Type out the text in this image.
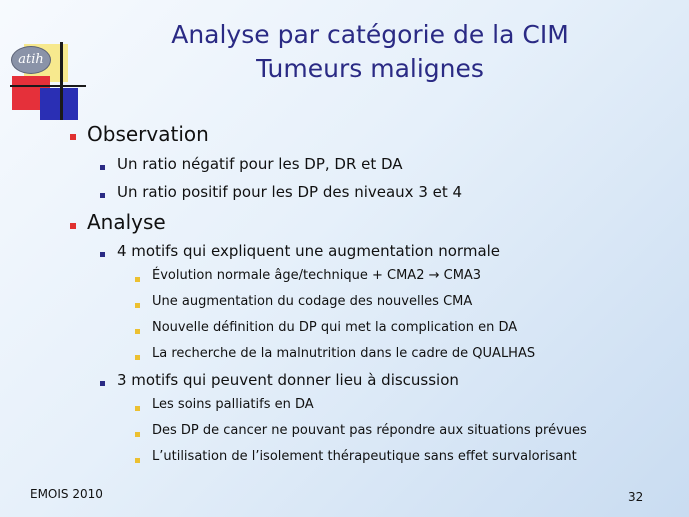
atih
Analyse par catégorie de la CIM
Tumeurs malignes
Observation
Un ratio négatif pour les DP, DR et DA
Un ratio positif pour les DP des niveaux 3 et 4
Analyse
4 motifs qui expliquent une augmentation normale
Évolution normale âge/technique + CMA2 → CMA3
Une augmentation du codage des nouvelles CMA
Nouvelle définition du DP qui met la complication en DA
La recherche de la malnutrition dans le cadre de QUALHAS
3 motifs qui peuvent donner lieu à discussion
Les soins palliatifs en DA
Des DP de cancer ne pouvant pas répondre aux situations prévues
L’utilisation de l’isolement thérapeutique sans effet survalorisant
EMOIS 2010	32
